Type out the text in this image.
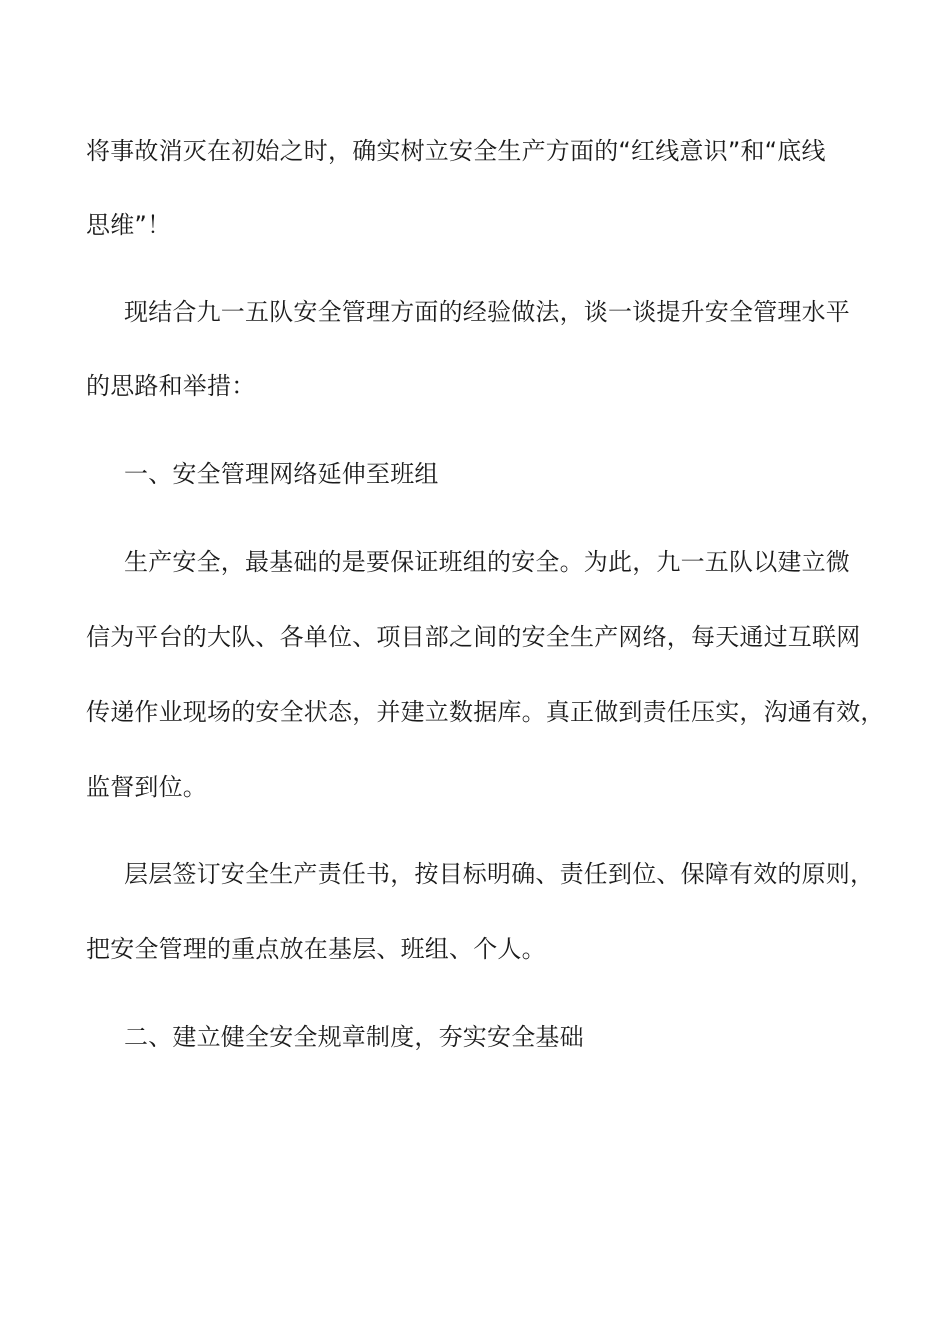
将事故消灭在初始之时，确实树立安全生产方面的“红线意识”和“底线
思维”！
现结合九一五队安全管理方面的经验做法，谈一谈提升安全管理水平
的思路和举措：
一、安全管理网络延伸至班组
生产安全，最基础的是要保证班组的安全。为此，九一五队以建立微
信为平台的大队、各单位、项目部之间的安全生产网络，每天通过互联网
传递作业现场的安全状态，并建立数据库。真正做到责任压实，沟通有效，
监督到位。
层层签订安全生产责任书，按目标明确、责任到位、保障有效的原则，
把安全管理的重点放在基层、班组、个人。
二、建立健全安全规章制度，夯实安全基础
